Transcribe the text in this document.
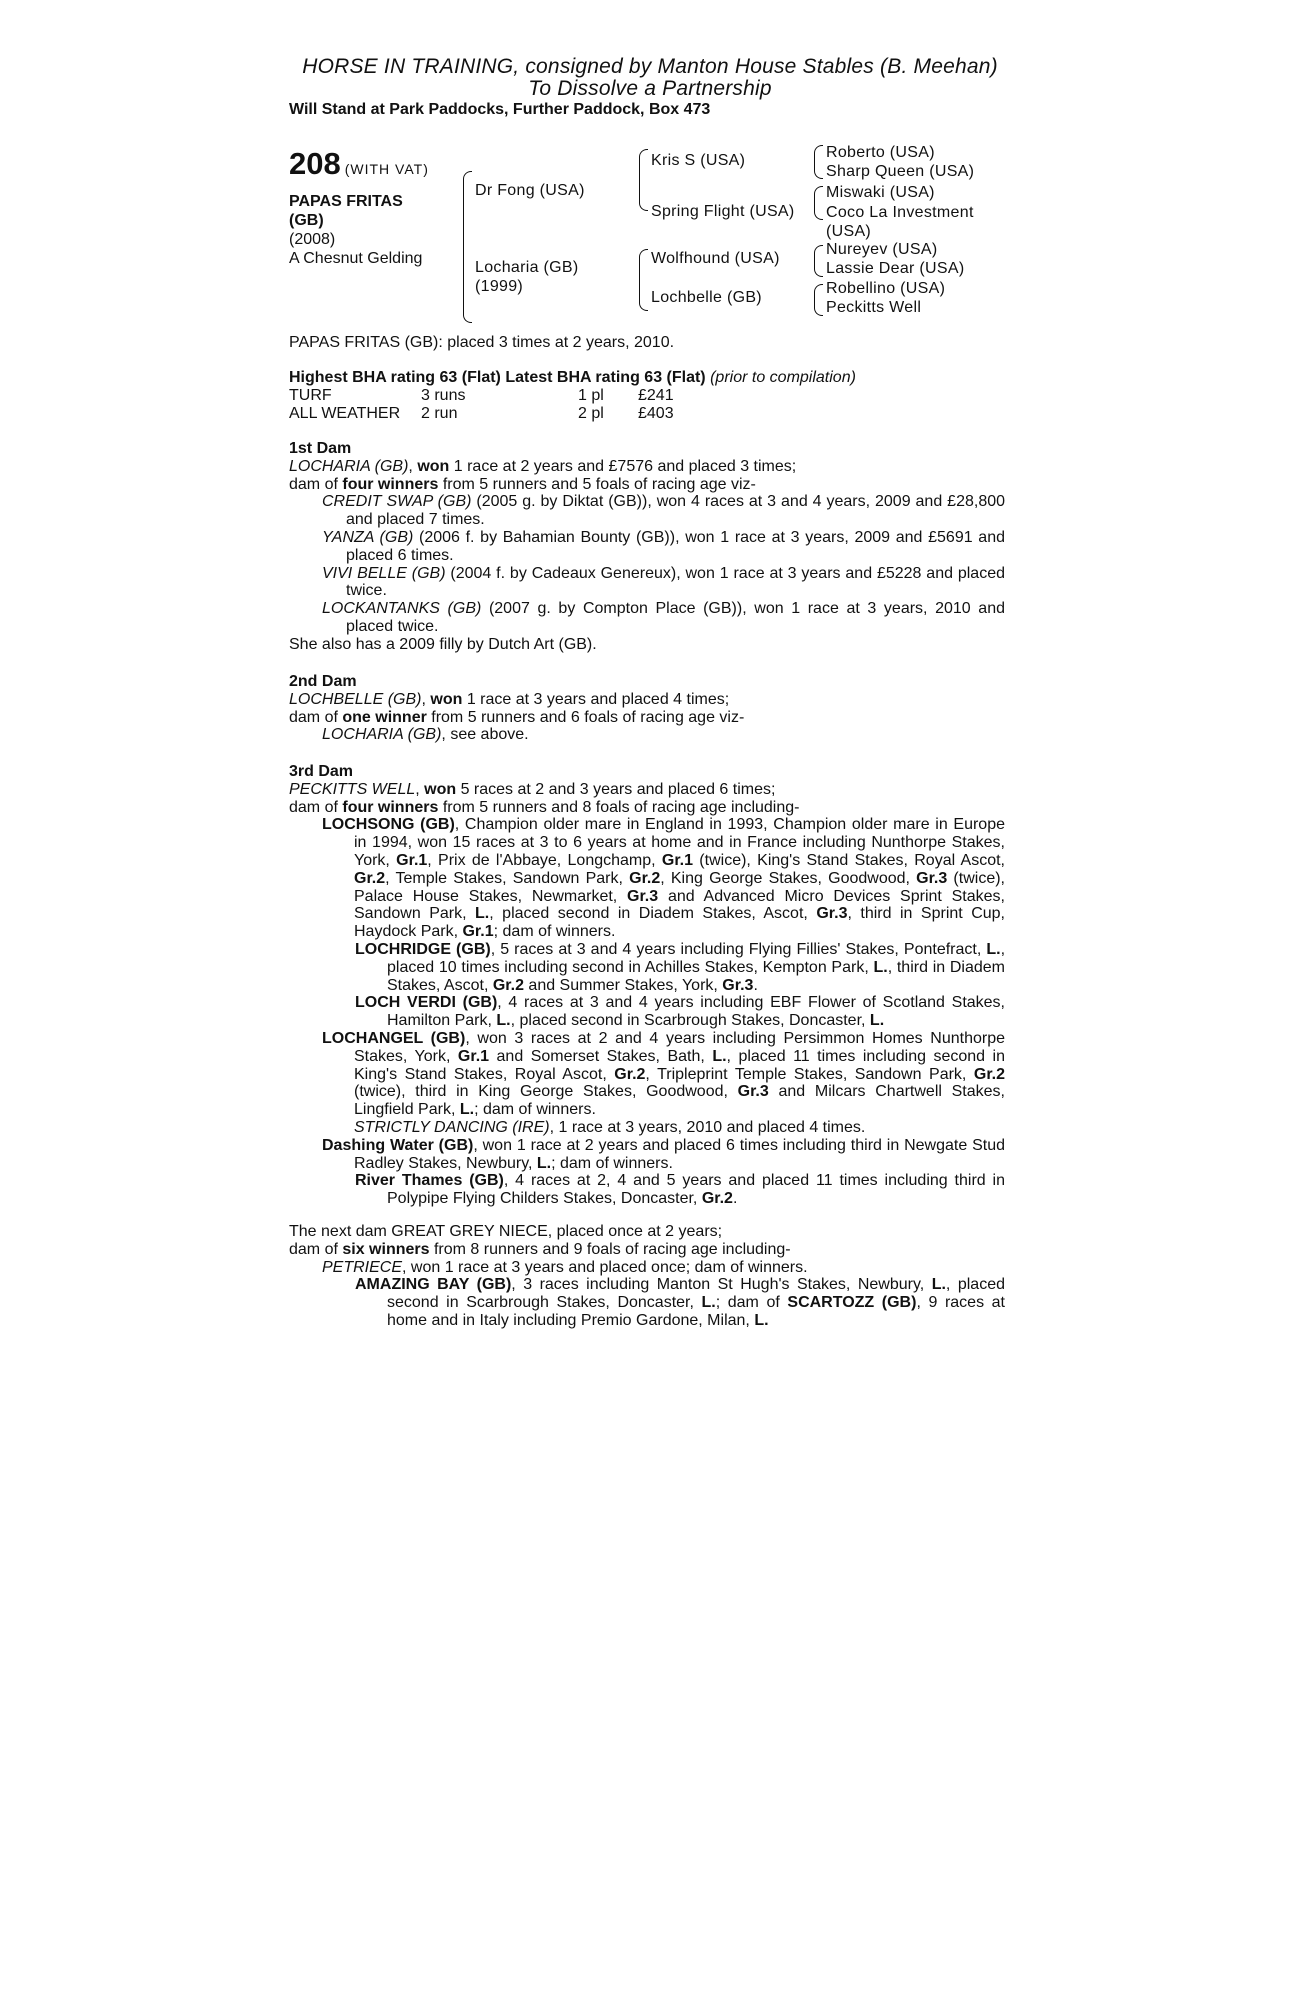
HORSE IN TRAINING, consigned by Manton House Stables (B. Meehan)
To Dissolve a Partnership
Will Stand at Park Paddocks, Further Paddock, Box 473
208 (WITH VAT)
PAPAS FRITAS
(GB)
(2008)
A Chesnut Gelding
Dr Fong (USA)
Locharia (GB)
(1999)
Kris S (USA)
Spring Flight (USA)
Wolfhound (USA)
Lochbelle (GB)
Roberto (USA)
Sharp Queen (USA)
Miswaki (USA)
Coco La Investment
(USA)
Nureyev (USA)
Lassie Dear (USA)
Robellino (USA)
Peckitts Well
PAPAS FRITAS (GB): placed 3 times at 2 years, 2010.
Highest BHA rating 63 (Flat) Latest BHA rating 63 (Flat) (prior to compilation)
TURF	3 runs	1 pl £241
ALL WEATHER 2 run	2 pl £403

1st Dam

LOCHARIA (GB), won 1 race at 2 years and £7576 and placed 3 times;

dam of four winners from 5 runners and 5 foals of racing age viz-

CREDIT SWAP (GB) (2005 g. by Diktat (GB)), won 4 races at 3 and 4 years, 2009 and £28,800 and placed 7 times.

YANZA (GB) (2006 f. by Bahamian Bounty (GB)), won 1 race at 3 years, 2009 and £5691 and placed 6 times.

VIVI BELLE (GB) (2004 f. by Cadeaux Genereux), won 1 race at 3 years and £5228 and placed twice.

LOCKANTANKS (GB) (2007 g. by Compton Place (GB)), won 1 race at 3 years, 2010 and placed twice.

She also has a 2009 filly by Dutch Art (GB).

2nd Dam

LOCHBELLE (GB), won 1 race at 3 years and placed 4 times;

dam of one winner from 5 runners and 6 foals of racing age viz-

LOCHARIA (GB), see above.

3rd Dam

PECKITTS WELL, won 5 races at 2 and 3 years and placed 6 times;

dam of four winners from 5 runners and 8 foals of racing age including-

LOCHSONG (GB), Champion older mare in England in 1993, Champion older mare in Europe in 1994, won 15 races at 3 to 6 years at home and in France including Nunthorpe Stakes, York, Gr.1, Prix de l'Abbaye, Longchamp, Gr.1 (twice), King's Stand Stakes, Royal Ascot, Gr.2, Temple Stakes, Sandown Park, Gr.2, King George Stakes, Goodwood, Gr.3 (twice), Palace House Stakes, Newmarket, Gr.3 and Advanced Micro Devices Sprint Stakes, Sandown Park, L., placed second in Diadem Stakes, Ascot, Gr.3, third in Sprint Cup, Haydock Park, Gr.1; dam of winners.

LOCHRIDGE (GB), 5 races at 3 and 4 years including Flying Fillies' Stakes, Pontefract, L., placed 10 times including second in Achilles Stakes, Kempton Park, L., third in Diadem Stakes, Ascot, Gr.2 and Summer Stakes, York, Gr.3.

LOCH VERDI (GB), 4 races at 3 and 4 years including EBF Flower of Scotland Stakes, Hamilton Park, L., placed second in Scarbrough Stakes, Doncaster, L.

LOCHANGEL (GB), won 3 races at 2 and 4 years including Persimmon Homes Nunthorpe Stakes, York, Gr.1 and Somerset Stakes, Bath, L., placed 11 times including second in King's Stand Stakes, Royal Ascot, Gr.2, Tripleprint Temple Stakes, Sandown Park, Gr.2 (twice), third in King George Stakes, Goodwood, Gr.3 and Milcars Chartwell Stakes, Lingfield Park, L.; dam of winners.

STRICTLY DANCING (IRE), 1 race at 3 years, 2010 and placed 4 times.

Dashing Water (GB), won 1 race at 2 years and placed 6 times including third in Newgate Stud Radley Stakes, Newbury, L.; dam of winners.

River Thames (GB), 4 races at 2, 4 and 5 years and placed 11 times including third in Polypipe Flying Childers Stakes, Doncaster, Gr.2.

The next dam GREAT GREY NIECE, placed once at 2 years;

dam of six winners from 8 runners and 9 foals of racing age including-

PETRIECE, won 1 race at 3 years and placed once; dam of winners.

AMAZING BAY (GB), 3 races including Manton St Hugh's Stakes, Newbury, L., placed second in Scarbrough Stakes, Doncaster, L.; dam of SCARTOZZ (GB), 9 races at home and in Italy including Premio Gardone, Milan, L.
